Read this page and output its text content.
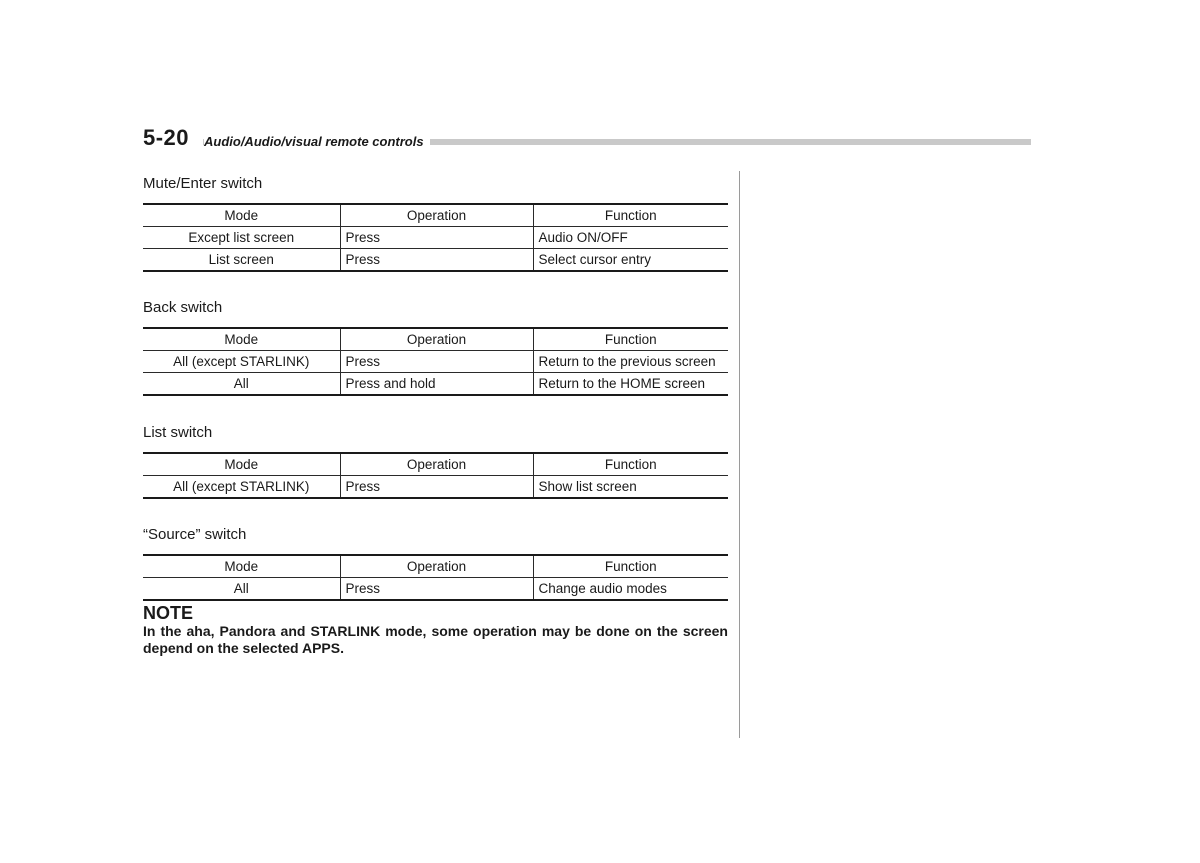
5-20	Audio/Audio/visual remote controls
Mute/Enter switch
Mode	Operation	Function
Except list screen	Press	Audio ON/OFF
List screen	Press	Select cursor entry
Back switch
Mode	Operation	Function
All (except STARLINK)	Press	Return to the previous screen
All	Press and hold	Return to the HOME screen
List switch
Mode	Operation	Function
All (except STARLINK)	Press	Show list screen
“Source” switch
Mode	Operation	Function
All	Press	Change audio modes

NOTE

In the aha, Pandora and STARLINK mode, some operation may be done on the screen depend on the selected APPS.
